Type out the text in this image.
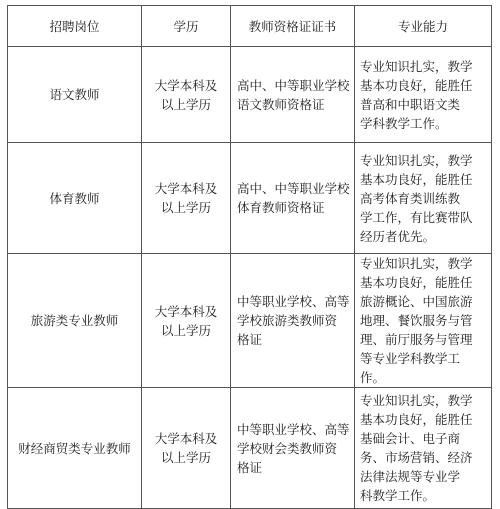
招聘岗位	学历	教师资格证证书	专业能力
语文教师	大学本科及 以上学历	高中、中等职业学校 语文教师资格证	专业知识扎实，教学 基本功良好，能胜任 普高和中职语文类 学科教学工作。
体育教师	大学本科及 以上学历	高中、中等职业学校 体育教师资格证	专业知识扎实，教学 基本功良好，能胜任 高考体育类训练教 学工作，有比赛带队 经历者优先。
旅游类专业教师	大学本科及 以上学历	中等职业学校、高等 学校旅游类教师资 格证	专业知识扎实，教学 基本功良好，能胜任 旅游概论、中国旅游 地理、餐饮服务与管 理、前厅服务与管理 等专业学科教学工 作。
财经商贸类专业教师	大学本科及 以上学历	中等职业学校、高等 学校财会类教师资 格证	专业知识扎实，教学 基本功良好，能胜任 基础会计、电子商 务、市场营销、经济 法律法规等专业学 科教学工作。
